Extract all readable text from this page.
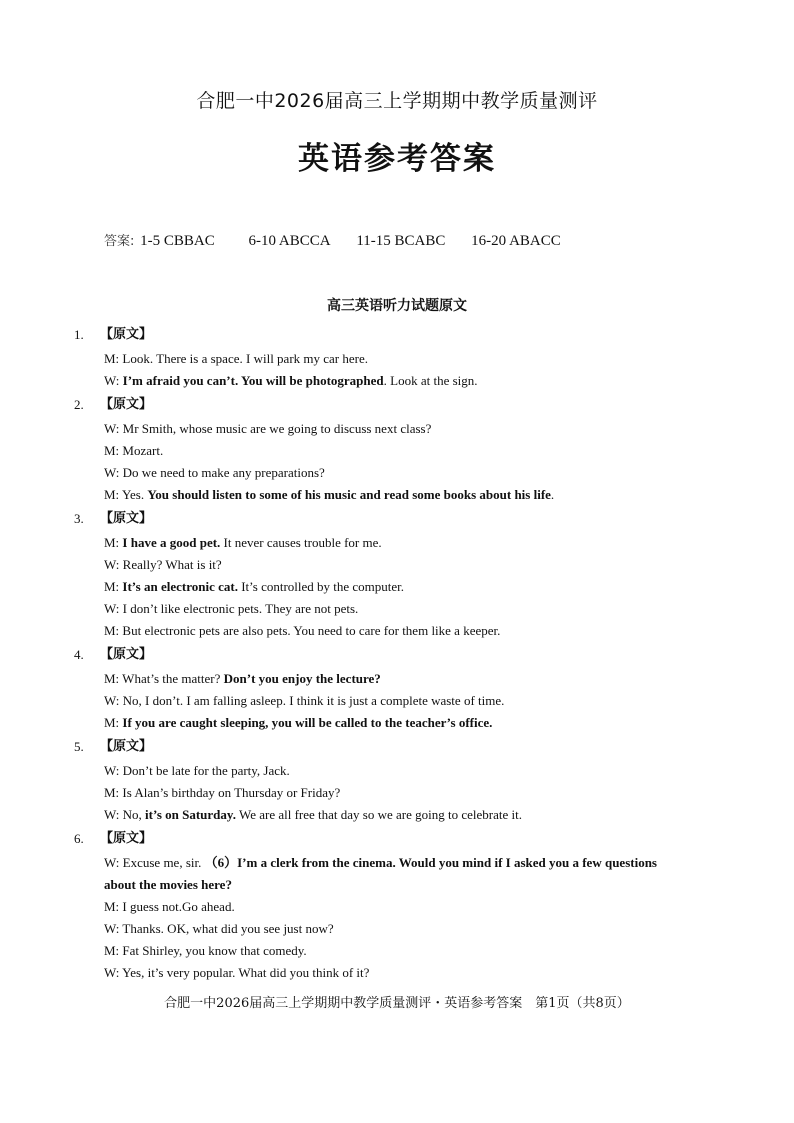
合肥一中2026届高三上学期期中教学质量测评
英语参考答案
答案: 1-5 CBBAC 6-10 ABCCA 11-15 BCABC 16-20 ABACC
高三英语听力试题原文
1.	【原文】
M: Look. There is a space. I will park my car here.
W: I’m afraid you can’t. You will be photographed. Look at the sign.
2.	【原文】
W: Mr Smith, whose music are we going to discuss next class?
M: Mozart.
W: Do we need to make any preparations?
M: Yes. You should listen to some of his music and read some books about his life.
3.	【原文】
M: I have a good pet. It never causes trouble for me.
W: Really? What is it?
M: It’s an electronic cat. It’s controlled by the computer.
W: I don’t like electronic pets. They are not pets.
M: But electronic pets are also pets. You need to care for them like a keeper.
4.	【原文】
M: What’s the matter? Don’t you enjoy the lecture?
W: No, I don’t. I am falling asleep. I think it is just a complete waste of time.
M: If you are caught sleeping, you will be called to the teacher’s office.
5.	【原文】
W: Don’t be late for the party, Jack.
M: Is Alan’s birthday on Thursday or Friday?
W: No, it’s on Saturday. We are all free that day so we are going to celebrate it.
6.	【原文】
W: Excuse me, sir. （6）I’m a clerk from the cinema. Would you mind if I asked you a few questions about the movies here?
M: I guess not.Go ahead.
W: Thanks. OK, what did you see just now?
M: Fat Shirley, you know that comedy.
W: Yes, it’s very popular. What did you think of it?
合肥一中2026届高三上学期期中教学质量测评・英语参考答案　第1页（共8页）
